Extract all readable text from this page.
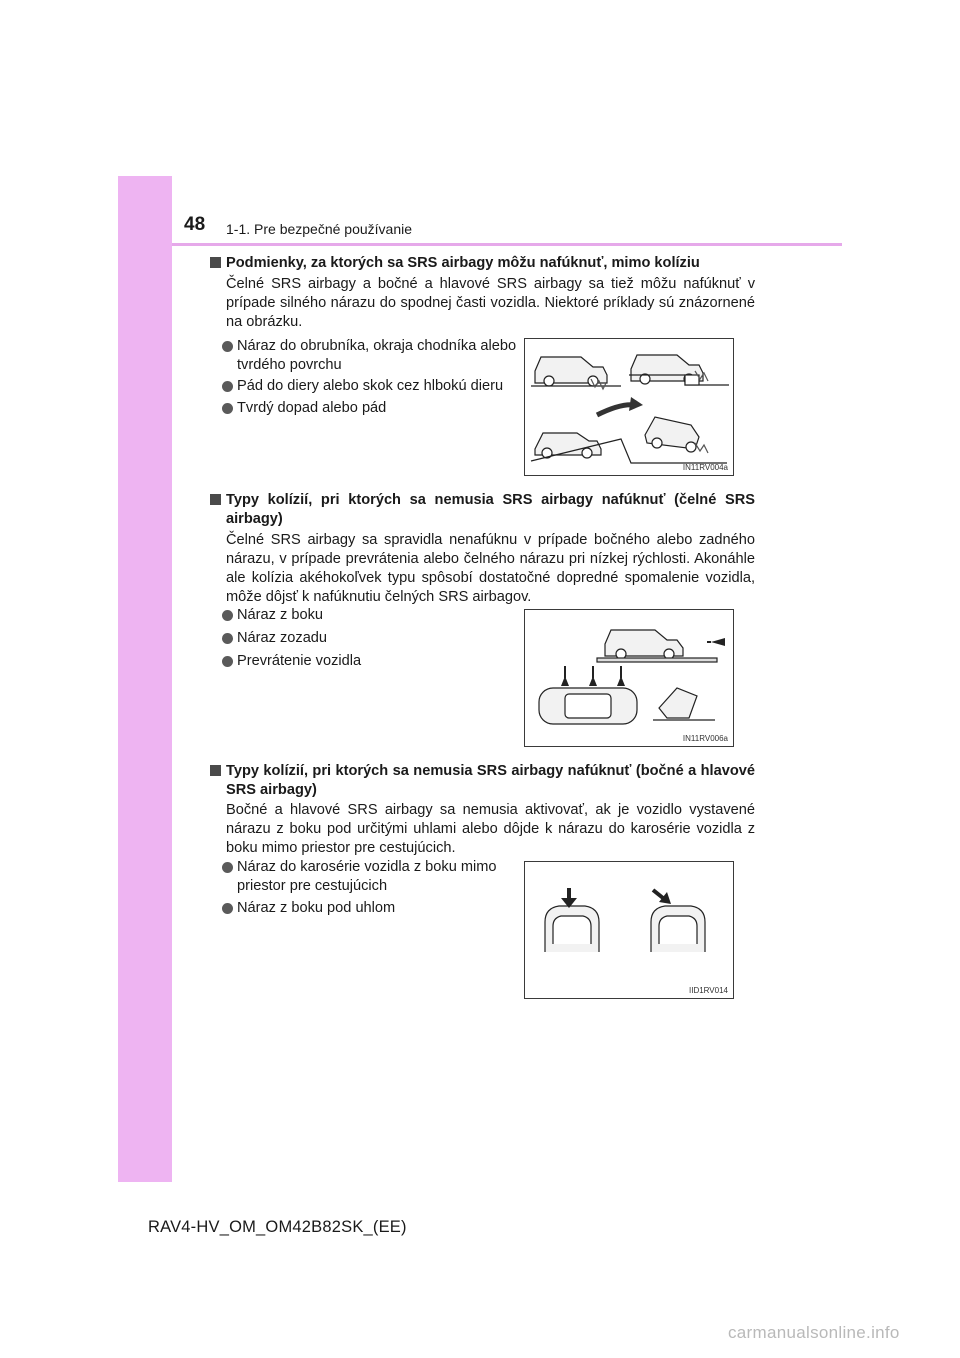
48 1-1. Pre bezpečné používanie
Podmienky, za ktorých sa SRS airbagy môžu nafúknuť, mimo kolíziu
Čelné SRS airbagy a bočné a hlavové SRS airbagy sa tiež môžu nafúknuť v prípade silného nárazu do spodnej časti vozidla. Niektoré príklady sú znázornené na obrázku.
Náraz do obrubníka, okraja chodníka alebo tvrdého povrchu
Pád do diery alebo skok cez hlbokú dieru
Tvrdý dopad alebo pád
IN11RV004a
Typy kolízií, pri ktorých sa nemusia SRS airbagy nafúknuť (čelné SRS airbagy)
Čelné SRS airbagy sa spravidla nenafúknu v prípade bočného alebo zadného nárazu, v prípade prevrátenia alebo čelného nárazu pri nízkej rýchlosti. Akonáhle ale kolízia akéhokoľvek typu spôsobí dostatočné dopredné spomalenie vozidla, môže dôjsť k nafúknutiu čelných SRS airbagov.
Náraz z boku
Náraz zozadu
Prevrátenie vozidla
IN11RV006a
Typy kolízií, pri ktorých sa nemusia SRS airbagy nafúknuť (bočné a hlavové SRS airbagy)
Bočné a hlavové SRS airbagy sa nemusia aktivovať, ak je vozidlo vystavené nárazu z boku pod určitými uhlami alebo dôjde k nárazu do karosérie vozidla z boku mimo priestor pre cestujúcich.
Náraz do karosérie vozidla z boku mimo priestor pre cestujúcich
Náraz z boku pod uhlom
IID1RV014
RAV4-HV_OM_OM42B82SK_(EE)
carmanualsonline.info
